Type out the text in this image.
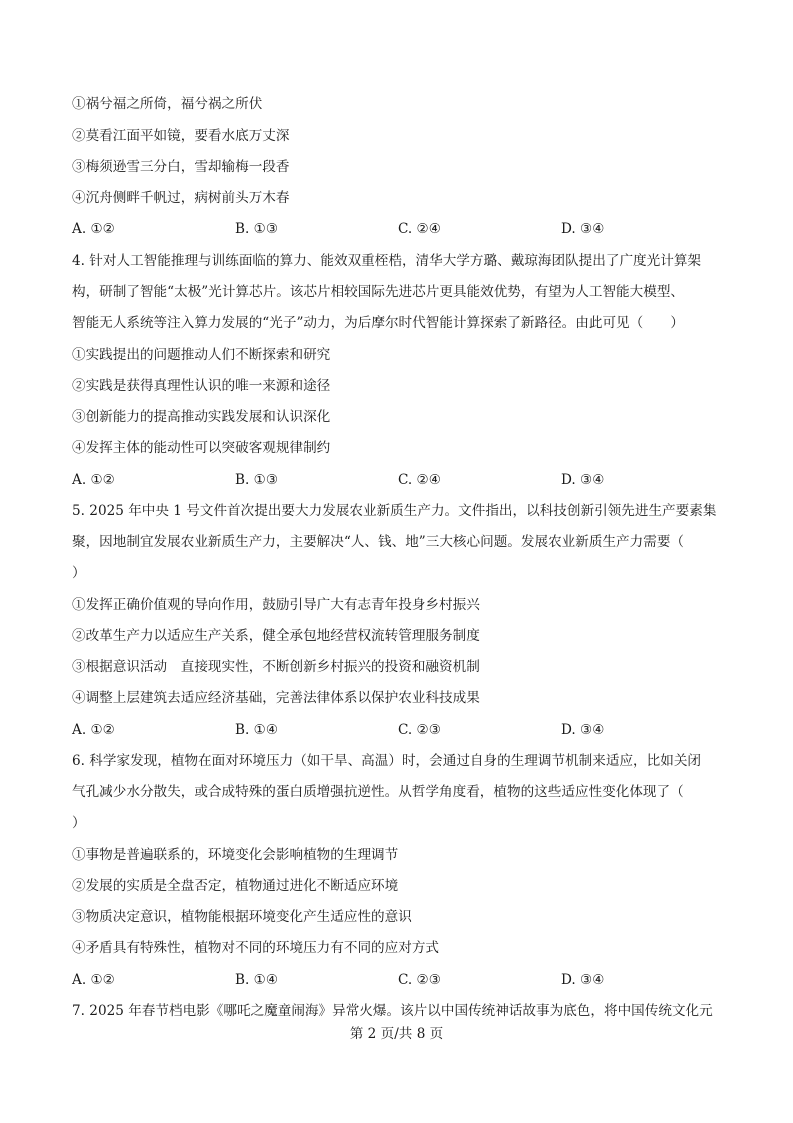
①祸兮福之所倚，福兮祸之所伏
②莫看江面平如镜，要看水底万丈深
③梅须逊雪三分白，雪却输梅一段香
④沉舟侧畔千帆过，病树前头万木春
A. ①②	B. ①③	C. ②④	D. ③④
4. 针对人工智能推理与训练面临的算力、能效双重桎梏，清华大学方璐、戴琼海团队提出了广度光计算架
构，研制了智能“太极”光计算芯片。该芯片相较国际先进芯片更具能效优势，有望为人工智能大模型、
智能无人系统等注入算力发展的“光子”动力，为后摩尔时代智能计算探索了新路径。由此可见（　　）
①实践提出的问题推动人们不断探索和研究
②实践是获得真理性认识的唯一来源和途径
③创新能力的提高推动实践发展和认识深化
④发挥主体的能动性可以突破客观规律制约
A. ①②	B. ①③	C. ②④	D. ③④
5. 2025 年中央 1 号文件首次提出要大力发展农业新质生产力。文件指出，以科技创新引领先进生产要素集
聚，因地制宜发展农业新质生产力，主要解决“人、钱、地”三大核心问题。发展农业新质生产力需要（
）
①发挥正确价值观的导向作用，鼓励引导广大有志青年投身乡村振兴
②改革生产力以适应生产关系，健全承包地经营权流转管理服务制度
③根据意识活动　直接现实性，不断创新乡村振兴的投资和融资机制
④调整上层建筑去适应经济基础，完善法律体系以保护农业科技成果
A. ①②	B. ①④	C. ②③	D. ③④
6. 科学家发现，植物在面对环境压力（如干旱、高温）时，会通过自身的生理调节机制来适应，比如关闭
气孔减少水分散失，或合成特殊的蛋白质增强抗逆性。从哲学角度看，植物的这些适应性变化体现了（
）
①事物是普遍联系的，环境变化会影响植物的生理调节
②发展的实质是全盘否定，植物通过进化不断适应环境
③物质决定意识，植物能根据环境变化产生适应性的意识
④矛盾具有特殊性，植物对不同的环境压力有不同的应对方式
A. ①②	B. ①④	C. ②③	D. ③④
7. 2025 年春节档电影《哪吒之魔童闹海》异常火爆。该片以中国传统神话故事为底色，将中国传统文化元
第 2 页/共 8 页
